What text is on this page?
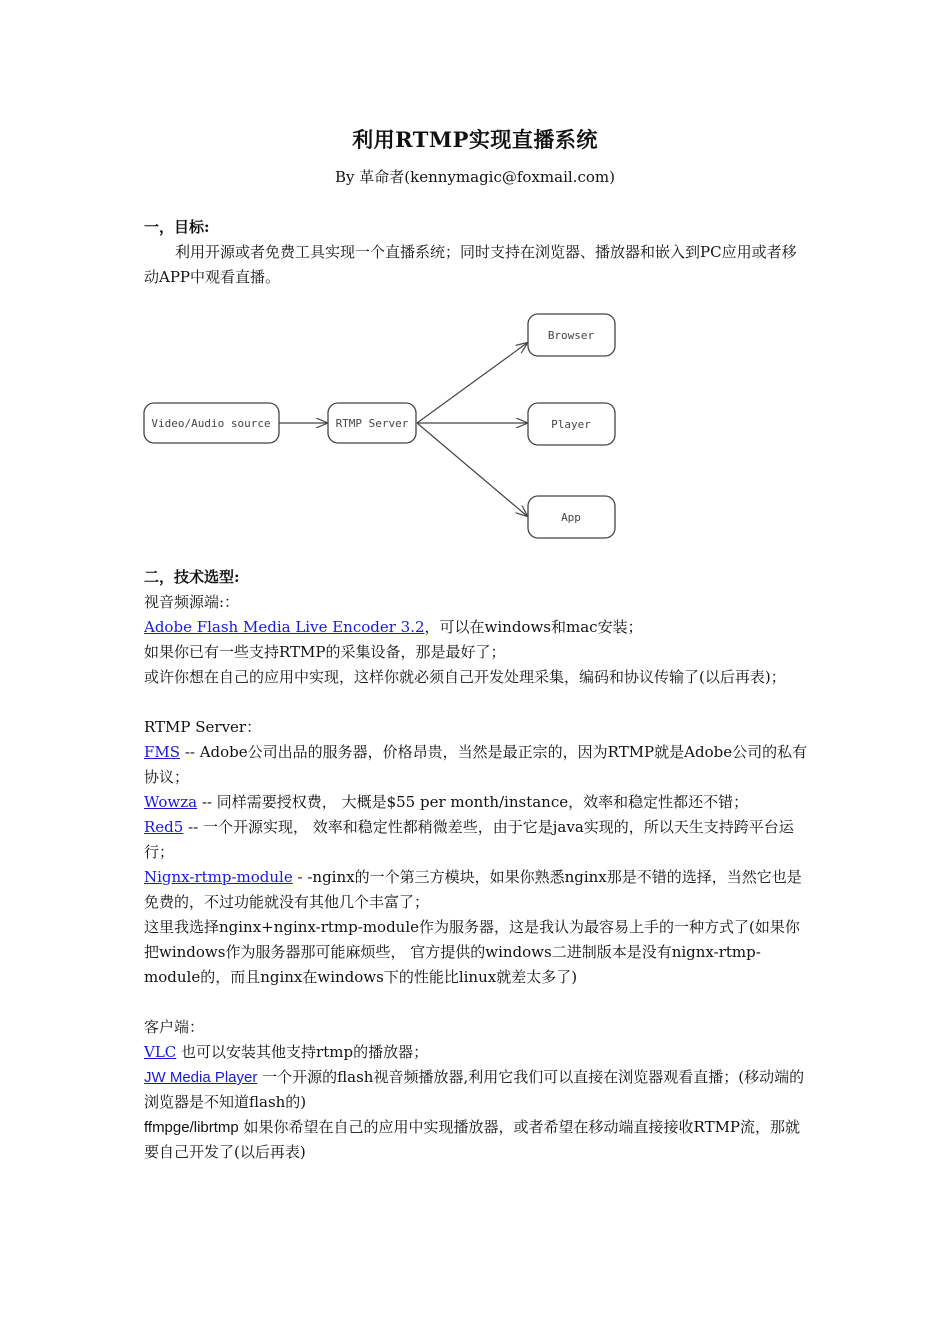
利用RTMP实现直播系统
By 革命者(kennymagic@foxmail.com)
一，目标:
利用开源或者免费工具实现一个直播系统；同时支持在浏览器、播放器和嵌入到PC应用或者移动APP中观看直播。
Video/Audio source	RTMP Server
Browser
Player
App
二，技术选型:
视音频源端:：
Adobe Flash Media Live Encoder 3.2，可以在windows和mac安装；
如果你已有一些支持RTMP的采集设备，那是最好了；
或许你想在自己的应用中实现，这样你就必须自己开发处理采集，编码和协议传输了(以后再表)；
RTMP Server：
FMS -- Adobe公司出品的服务器，价格昂贵，当然是最正宗的，因为RTMP就是Adobe公司的私有协议；
Wowza -- 同样需要授权费， 大概是$55 per month/instance，效率和稳定性都还不错；
Red5 -- 一个开源实现， 效率和稳定性都稍微差些，由于它是java实现的，所以天生支持跨平台运行；
Nignx-rtmp-module - -nginx的一个第三方模块，如果你熟悉nginx那是不错的选择，当然它也是免费的，不过功能就没有其他几个丰富了；
这里我选择nginx+nginx-rtmp-module作为服务器，这是我认为最容易上手的一种方式了(如果你把windows作为服务器那可能麻烦些， 官方提供的windows二进制版本是没有nignx-rtmp-module的，而且nginx在windows下的性能比linux就差太多了)
客户端：
VLC 也可以安装其他支持rtmp的播放器；
JW Media Player 一个开源的flash视音频播放器,利用它我们可以直接在浏览器观看直播；(移动端的浏览器是不知道flash的)
ffmpge/librtmp 如果你希望在自己的应用中实现播放器，或者希望在移动端直接接收RTMP流，那就要自己开发了(以后再表)
